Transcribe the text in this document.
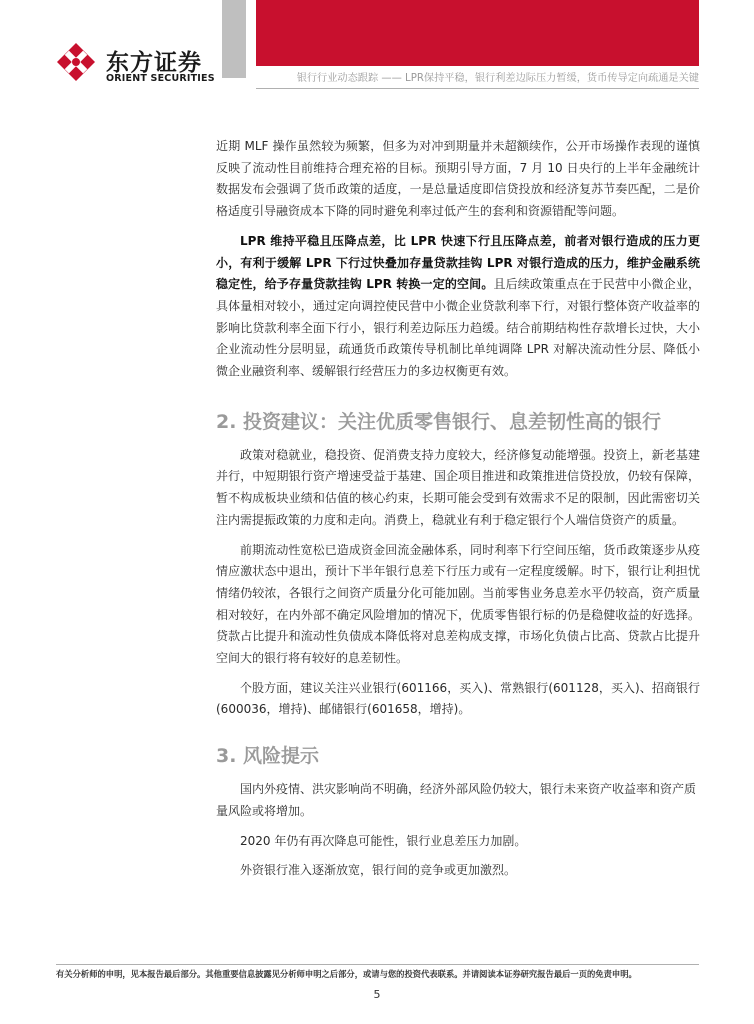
东方证券
ORIENT SECURITIES	银行行业动态跟踪 —— LPR保持平稳，银行利差边际压力暂缓，货币传导定向疏通是关键

近期 MLF 操作虽然较为频繁，但多为对冲到期量并未超额续作，公开市场操作表现的谨慎反映了流动性目前维持合理充裕的目标。预期引导方面，7 月 10 日央行的上半年金融统计数据发布会强调了货币政策的适度，一是总量适度即信贷投放和经济复苏节奏匹配，二是价格适度引导融资成本下降的同时避免利率过低产生的套利和资源错配等问题。

LPR 维持平稳且压降点差，比 LPR 快速下行且压降点差，前者对银行造成的压力更小，有利于缓解 LPR 下行过快叠加存量贷款挂钩 LPR 对银行造成的压力，维护金融系统稳定性，给予存量贷款挂钩 LPR 转换一定的空间。且后续政策重点在于民营中小微企业，具体量相对较小，通过定向调控使民营中小微企业贷款利率下行，对银行整体资产收益率的影响比贷款利率全面下行小，银行利差边际压力趋缓。结合前期结构性存款增长过快，大小企业流动性分层明显，疏通货币政策传导机制比单纯调降 LPR 对解决流动性分层、降低小微企业融资利率、缓解银行经营压力的多边权衡更有效。

2. 投资建议：关注优质零售银行、息差韧性高的银行

政策对稳就业，稳投资、促消费支持力度较大，经济修复动能增强。投资上，新老基建并行，中短期银行资产增速受益于基建、国企项目推进和政策推进信贷投放，仍较有保障，暂不构成板块业绩和估值的核心约束，长期可能会受到有效需求不足的限制，因此需密切关注内需提振政策的力度和走向。消费上，稳就业有利于稳定银行个人端信贷资产的质量。

前期流动性宽松已造成资金回流金融体系，同时利率下行空间压缩，货币政策逐步从疫情应激状态中退出，预计下半年银行息差下行压力或有一定程度缓解。时下，银行让利担忧情绪仍较浓，各银行之间资产质量分化可能加剧。当前零售业务息差水平仍较高，资产质量相对较好，在内外部不确定风险增加的情况下，优质零售银行标的仍是稳健收益的好选择。贷款占比提升和流动性负债成本降低将对息差构成支撑，市场化负债占比高、贷款占比提升空间大的银行将有较好的息差韧性。

个股方面，建议关注兴业银行(601166，买入)、常熟银行(601128，买入)、招商银行(600036，增持)、邮储银行(601658，增持)。

3. 风险提示

国内外疫情、洪灾影响尚不明确，经济外部风险仍较大，银行未来资产收益率和资产质量风险或将增加。

2020 年仍有再次降息可能性，银行业息差压力加剧。

外资银行准入逐渐放宽，银行间的竞争或更加激烈。

有关分析师的申明，见本报告最后部分。其他重要信息披露见分析师申明之后部分，或请与您的投资代表联系。并请阅读本证券研究报告最后一页的免责申明。
5
